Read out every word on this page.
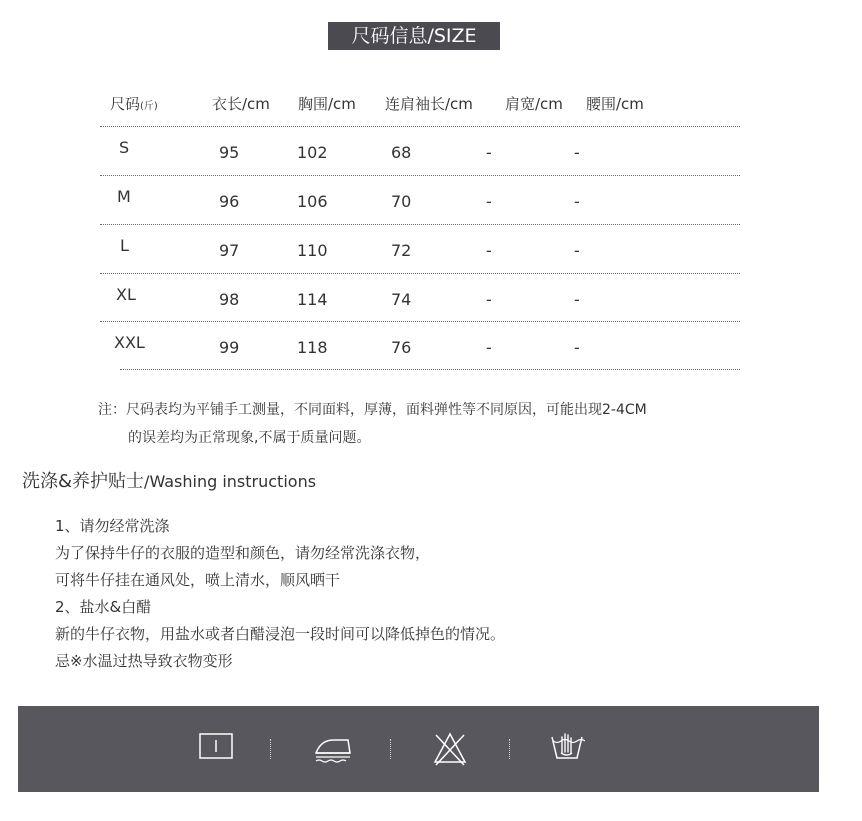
尺码信息/SIZE
尺码(斤)	衣长/cm 胸围/cm 连肩袖长/cm 肩宽/cm 腰围/cm
S	95	102	68	-	-
M	96	106	70	-	-
L	97	110	72	-	-
XL	98	114	74	-	-
XXL	99	118	76	-	-
注：尺码表均为平铺手工测量，不同面料，厚薄，面料弹性等不同原因，可能出现2-4CM
的误差均为正常现象,不属于质量问题。
洗涤&养护贴士/Washing instructions
1、请勿经常洗涤
为了保持牛仔的衣服的造型和颜色，请勿经常洗涤衣物，
可将牛仔挂在通风处，喷上清水，顺风晒干
2、盐水&白醋
新的牛仔衣物，用盐水或者白醋浸泡一段时间可以降低掉色的情况。
忌※水温过热导致衣物变形
